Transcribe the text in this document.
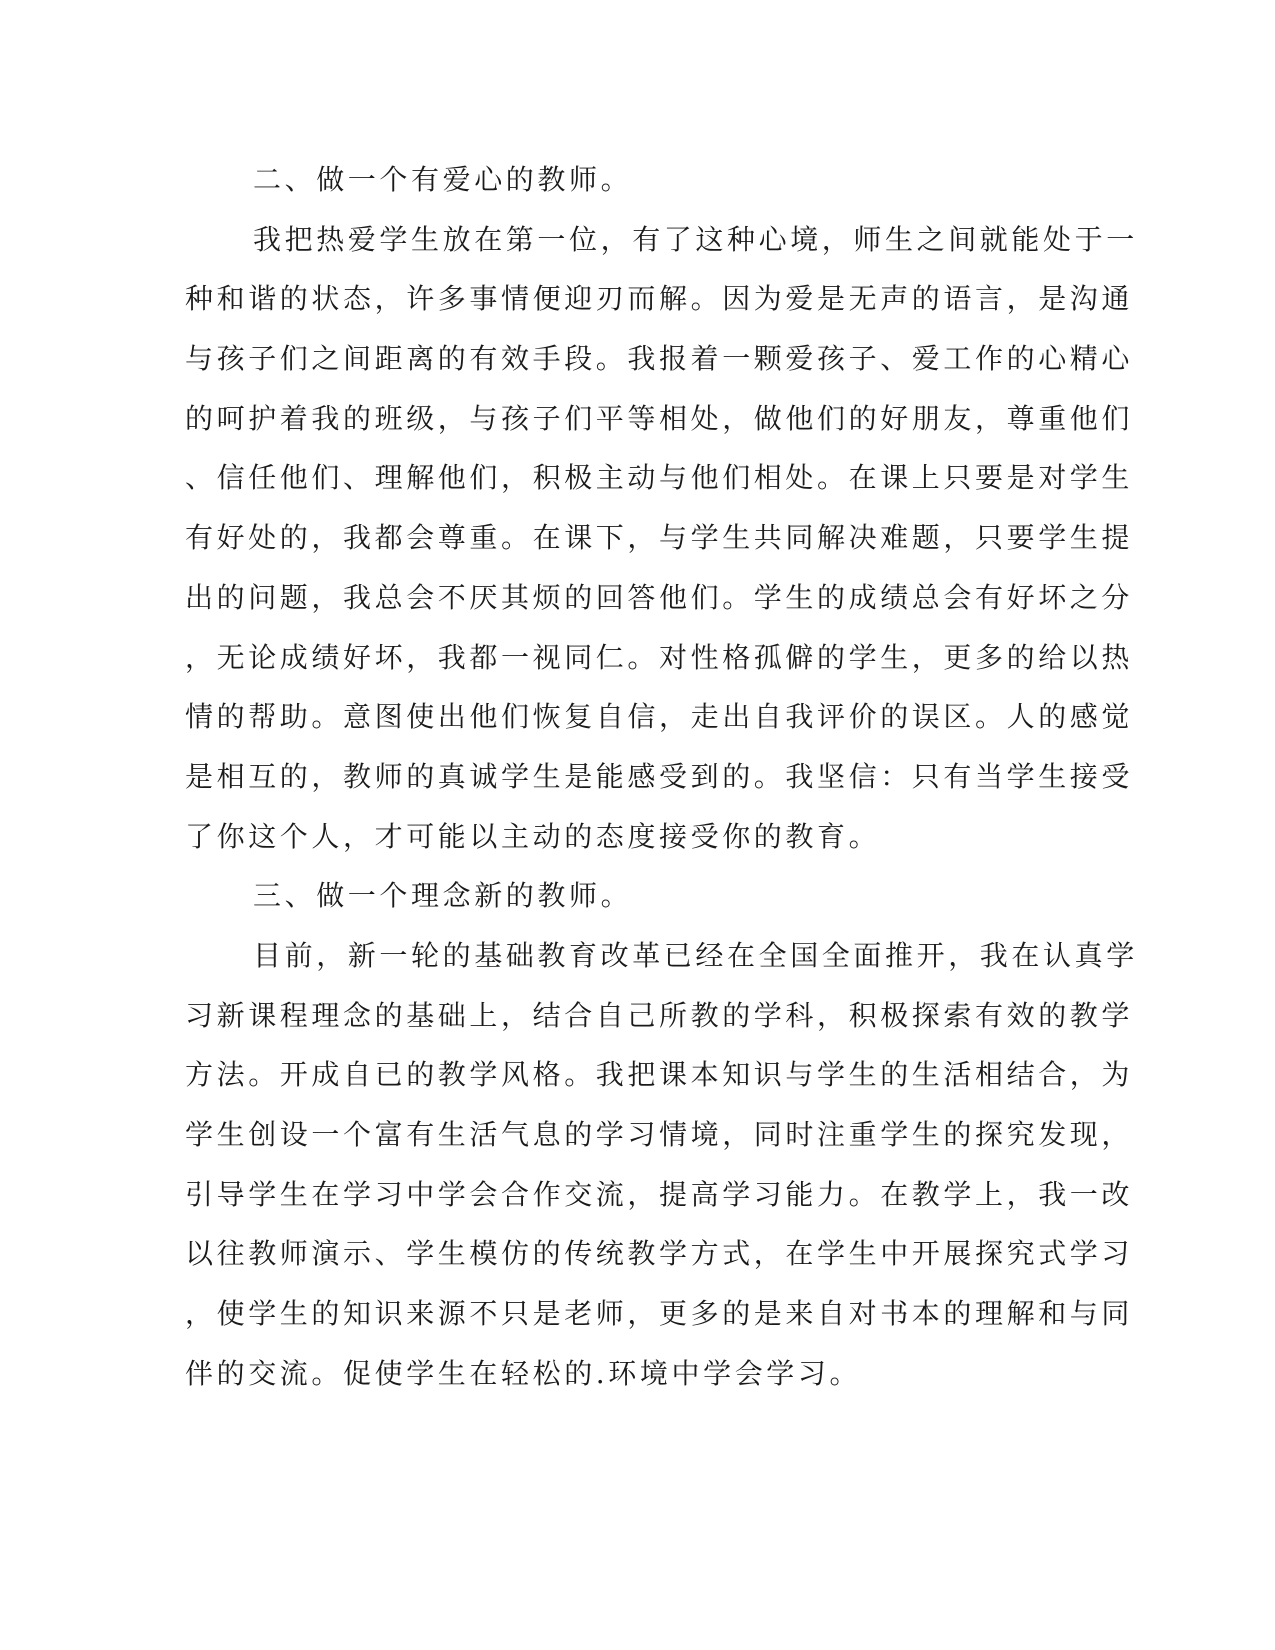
二、做一个有爱心的教师。
我把热爱学生放在第一位，有了这种心境，师生之间就能处于一
种和谐的状态，许多事情便迎刃而解。因为爱是无声的语言，是沟通
与孩子们之间距离的有效手段。我报着一颗爱孩子、爱工作的心精心
的呵护着我的班级，与孩子们平等相处，做他们的好朋友，尊重他们
、信任他们、理解他们，积极主动与他们相处。在课上只要是对学生
有好处的，我都会尊重。在课下，与学生共同解决难题，只要学生提
出的问题，我总会不厌其烦的回答他们。学生的成绩总会有好坏之分
，无论成绩好坏，我都一视同仁。对性格孤僻的学生，更多的给以热
情的帮助。意图使出他们恢复自信，走出自我评价的误区。人的感觉
是相互的，教师的真诚学生是能感受到的。我坚信：只有当学生接受
了你这个人，才可能以主动的态度接受你的教育。
三、做一个理念新的教师。
目前，新一轮的基础教育改革已经在全国全面推开，我在认真学
习新课程理念的基础上，结合自己所教的学科，积极探索有效的教学
方法。开成自已的教学风格。我把课本知识与学生的生活相结合，为
学生创设一个富有生活气息的学习情境，同时注重学生的探究发现，
引导学生在学习中学会合作交流，提高学习能力。在教学上，我一改
以往教师演示、学生模仿的传统教学方式，在学生中开展探究式学习
，使学生的知识来源不只是老师，更多的是来自对书本的理解和与同
伴的交流。促使学生在轻松的.环境中学会学习。
